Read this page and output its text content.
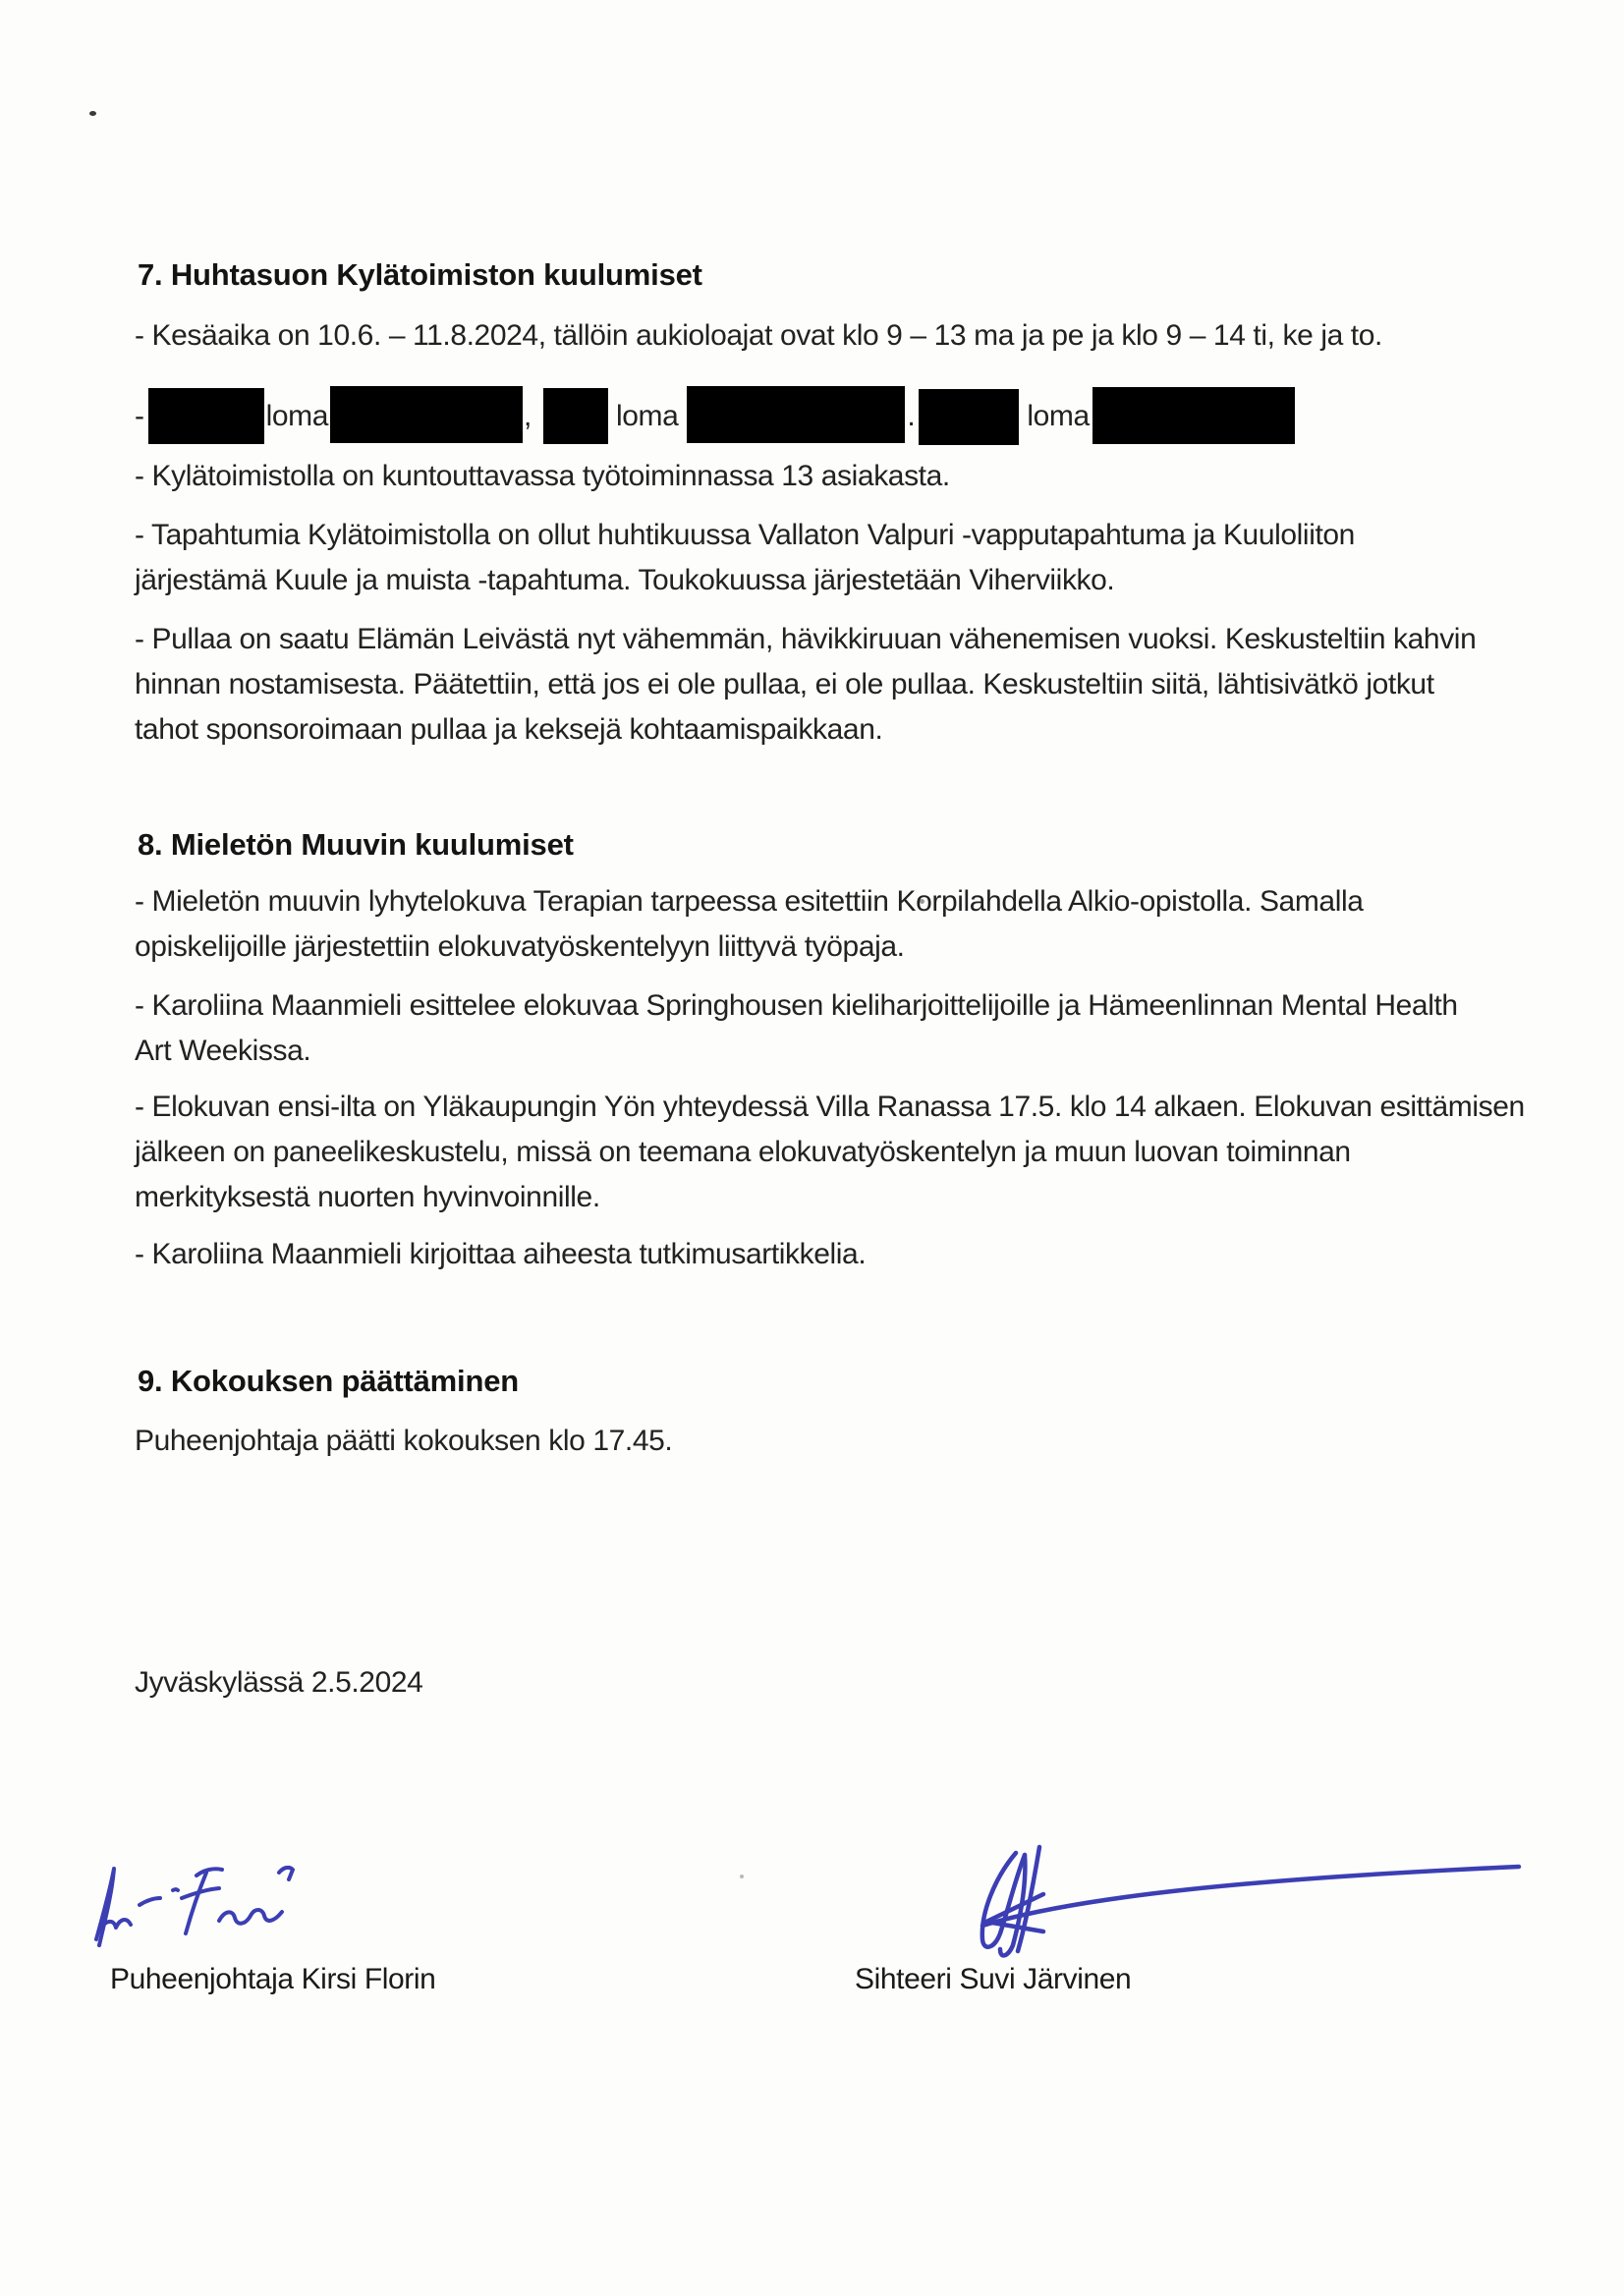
7. Huhtasuon Kylätoimiston kuulumiset
- Kesäaika on 10.6. – 11.8.2024, tällöin aukioloajat ovat klo 9 – 13 ma ja pe ja klo 9 – 14 ti, ke ja to.
-	loma	,	loma	.	loma
- Kylätoimistolla on kuntouttavassa työtoiminnassa 13 asiakasta.
- Tapahtumia Kylätoimistolla on ollut huhtikuussa Vallaton Valpuri -vapputapahtuma ja Kuuloliiton
järjestämä Kuule ja muista -tapahtuma. Toukokuussa järjestetään Viherviikko.
- Pullaa on saatu Elämän Leivästä nyt vähemmän, hävikkiruuan vähenemisen vuoksi. Keskusteltiin kahvin
hinnan nostamisesta. Päätettiin, että jos ei ole pullaa, ei ole pullaa. Keskusteltiin siitä, lähtisivätkö jotkut
tahot sponsoroimaan pullaa ja keksejä kohtaamispaikkaan.
8. Mieletön Muuvin kuulumiset
- Mieletön muuvin lyhytelokuva Terapian tarpeessa esitettiin Korpilahdella Alkio-opistolla. Samalla
opiskelijoille järjestettiin elokuvatyöskentelyyn liittyvä työpaja.
- Karoliina Maanmieli esittelee elokuvaa Springhousen kieliharjoittelijoille ja Hämeenlinnan Mental Health
Art Weekissa.
- Elokuvan ensi-ilta on Yläkaupungin Yön yhteydessä Villa Ranassa 17.5. klo 14 alkaen. Elokuvan esittämisen
jälkeen on paneelikeskustelu, missä on teemana elokuvatyöskentelyn ja muun luovan toiminnan
merkityksestä nuorten hyvinvoinnille.
- Karoliina Maanmieli kirjoittaa aiheesta tutkimusartikkelia.
9. Kokouksen päättäminen
Puheenjohtaja päätti kokouksen klo 17.45.
Jyväskylässä 2.5.2024
Puheenjohtaja Kirsi Florin	Sihteeri Suvi Järvinen
